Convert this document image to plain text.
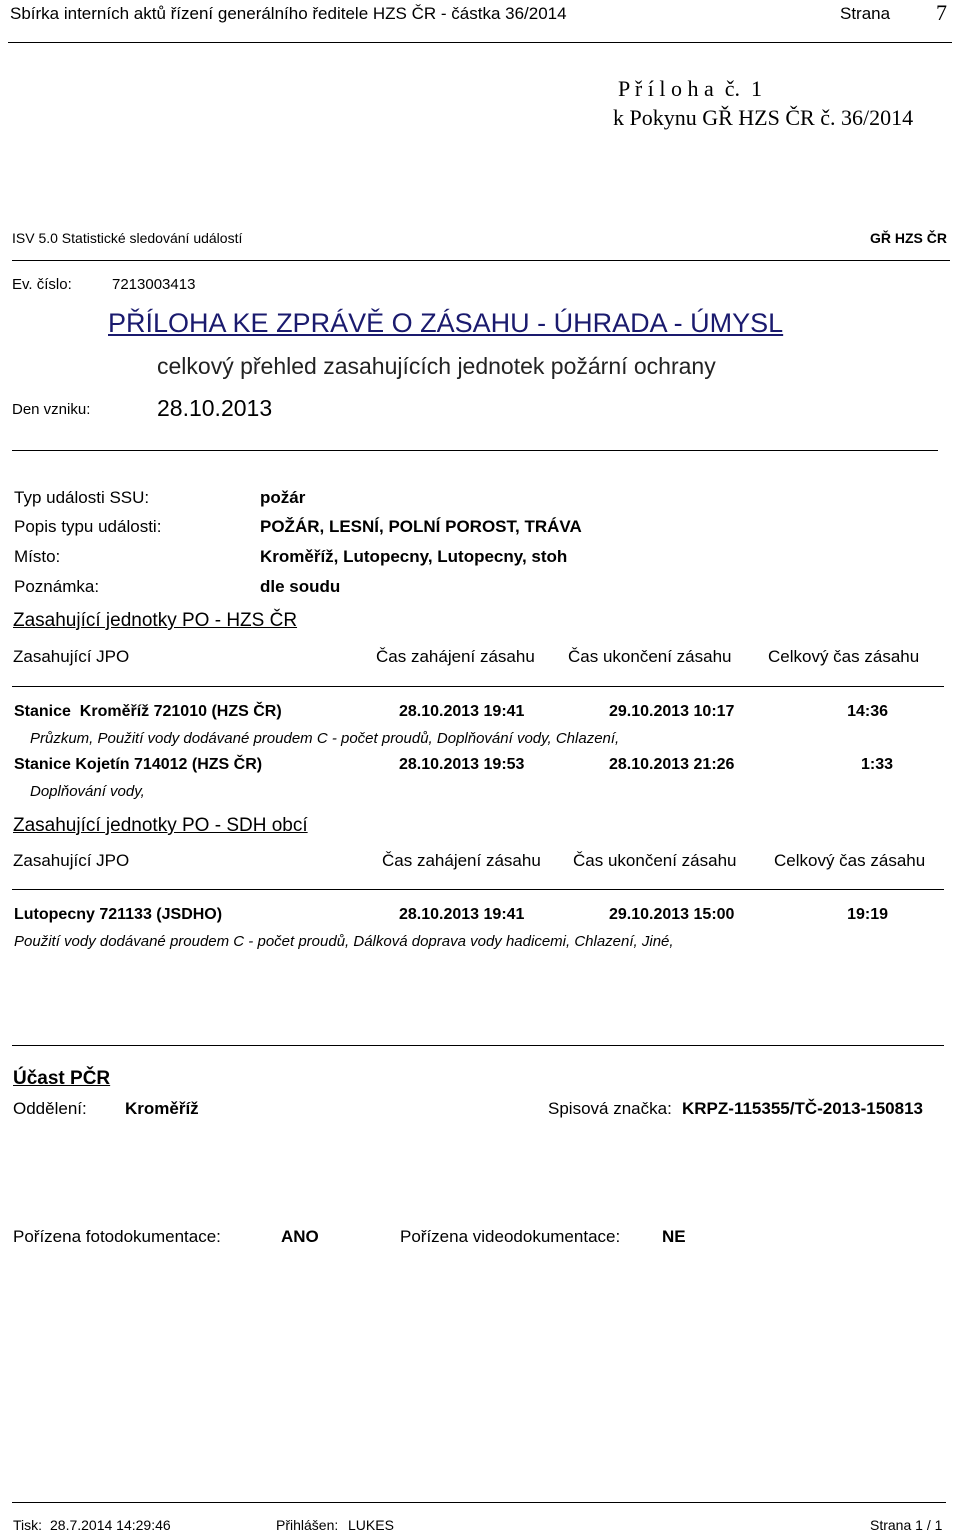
Sbírka interních aktů řízení generálního ředitele HZS ČR - částka 36/2014	Strana 7
P ř í l o h a  č.  1
k Pokynu GŘ HZS ČR č. 36/2014
ISV 5.0 Statistické sledování událostí	GŘ HZS ČR
Ev. číslo:	7213003413
PŘÍLOHA KE ZPRÁVĚ O ZÁSAHU - ÚHRADA - ÚMYSL
celkový přehled zasahujících jednotek požární ochrany
Den vzniku:	28.10.2013
Typ události SSU:	požár
Popis typu události:	POŽÁR, LESNÍ, POLNÍ POROST, TRÁVA
Místo:	Kroměříž, Lutopecny, Lutopecny, stoh
Poznámka:	dle soudu
Zasahující jednotky PO - HZS ČR
Zasahující JPO	Čas zahájení zásahu Čas ukončení zásahu Celkový čas zásahu
Stanice  Kroměříž 721010 (HZS ČR)	28.10.2013 19:41	29.10.2013 10:17	14:36
Průzkum, Použití vody dodávané proudem C - počet proudů, Doplňování vody, Chlazení,
Stanice Kojetín 714012 (HZS ČR)	28.10.2013 19:53	28.10.2013 21:26	1:33
Doplňování vody,
Zasahující jednotky PO - SDH obcí
Zasahující JPO	Čas zahájení zásahu Čas ukončení zásahu Celkový čas zásahu
Lutopecny 721133 (JSDHO)	28.10.2013 19:41	29.10.2013 15:00	19:19
Použití vody dodávané proudem C - počet proudů, Dálková doprava vody hadicemi, Chlazení, Jiné,
Účast PČR
Oddělení: Kroměříž	Spisová značka: KRPZ-115355/TČ-2013-150813
Pořízena fotodokumentace:	ANO	Pořízena videodokumentace: NE
Tisk: 28.7.2014 14:29:46	Přihlášen: LUKES	Strana 1 / 1
